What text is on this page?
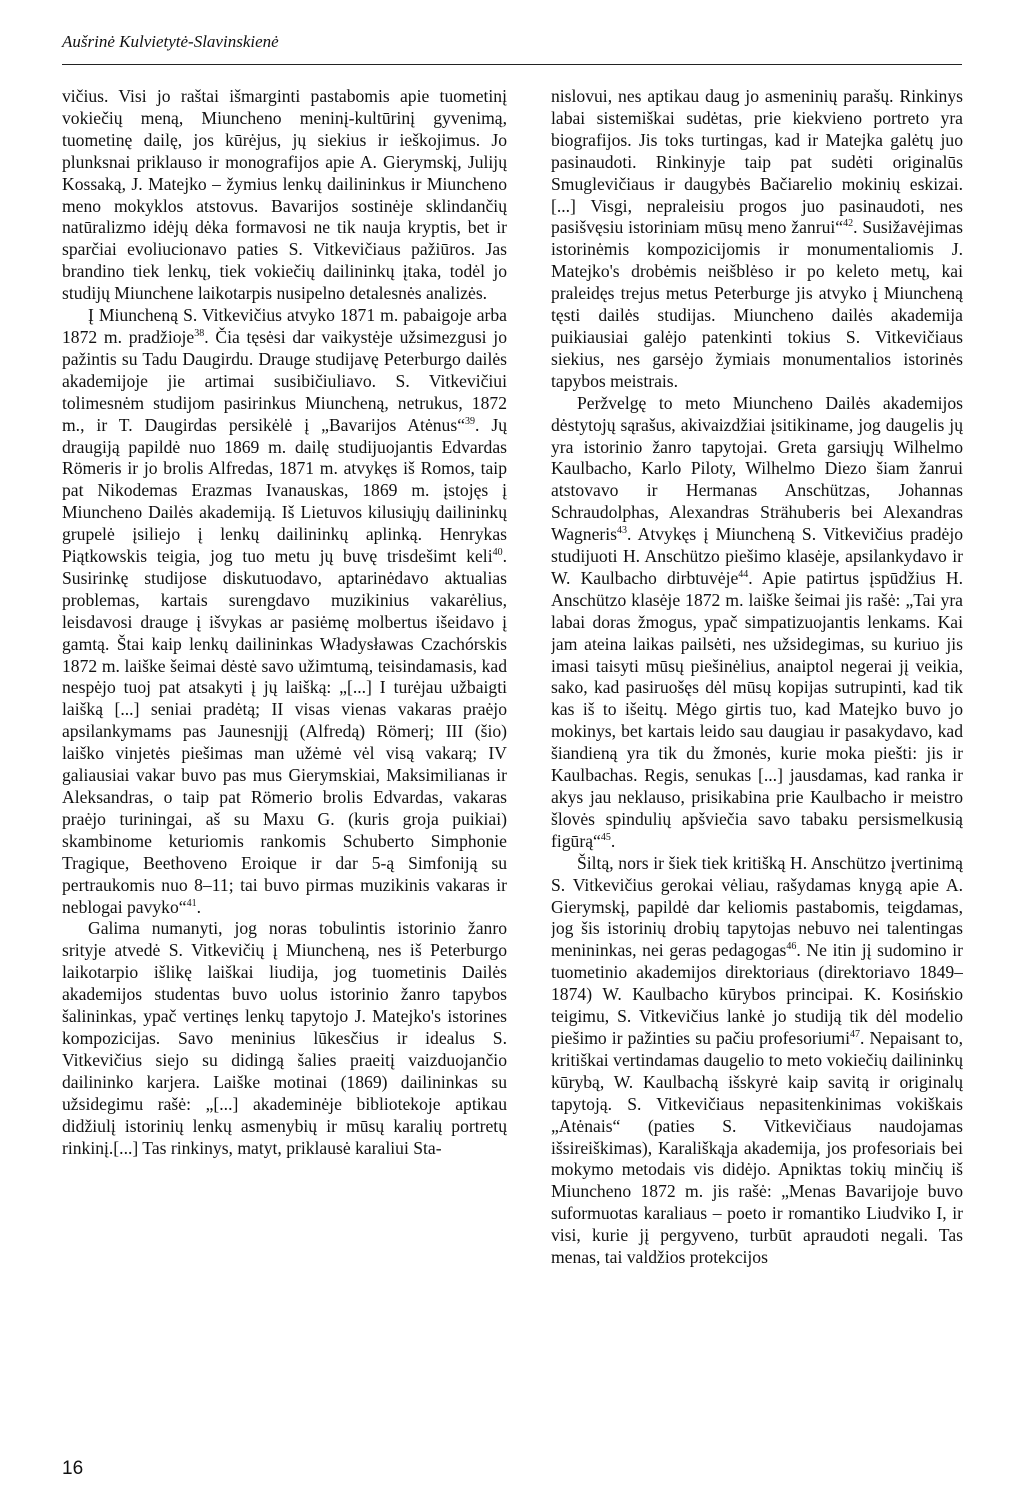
Aušrinė Kulvietytė-Slavinskienė

vičius. Visi jo raštai išmarginti pastabomis apie tuometinį vokiečių meną, Miuncheno meninį-kultūrinį gyvenimą, tuometinę dailę, jos kūrėjus, jų siekius ir ieškojimus. Jo plunksnai priklauso ir monografijos apie A. Gierymskį, Julijų Kossaką, J. Matejko – žymius lenkų dailininkus ir Miuncheno meno mokyklos atstovus. Bavarijos sostinėje sklindančių natūralizmo idėjų dėka formavosi ne tik nauja kryptis, bet ir sparčiai evoliucionavo paties S. Vitkevičiaus pažiūros. Jas brandino tiek lenkų, tiek vokiečių dailininkų įtaka, todėl jo studijų Miunchene laikotarpis nusipelno detalesnės analizės.

Į Miuncheną S. Vitkevičius atvyko 1871 m. pabaigoje arba 1872 m. pradžioje$^{38}$. Čia tęsėsi dar vaikystėje užsimezgusi jo pažintis su Tadu Daugirdu. Drauge studijavę Peterburgo dailės akademijoje jie artimai susibičiuliavo. S. Vitkevičiui tolimesnėm studijom pasirinkus Miuncheną, netrukus, 1872 m., ir T. Daugirdas persikėlė į „Bavarijos Atėnus“$^{39}$. Jų draugiją papildė nuo 1869 m. dailę studijuojantis Edvardas Römeris ir jo brolis Alfredas, 1871 m. atvykęs iš Romos, taip pat Nikodemas Erazmas Ivanauskas, 1869 m. įstojęs į Miuncheno Dailės akademiją. Iš Lietuvos kilusiųjų dailininkų grupelė įsiliejo į lenkų dailininkų aplinką. Henrykas Piątkowskis teigia, jog tuo metu jų buvę trisdešimt keli$^{40}$. Susirinkę studijose diskutuodavo, aptarinėdavo aktualias problemas, kartais surengdavo muzikinius vakarėlius, leisdavosi drauge į išvykas ar pasiėmę molbertus išeidavo į gamtą. Štai kaip lenkų dailininkas Władysławas Czachórskis 1872 m. laiške šeimai dėstė savo užimtumą, teisindamasis, kad nespėjo tuoj pat atsakyti į jų laišką: „[...] I turėjau užbaigti laišką [...] seniai pradėtą; II visas vienas vakaras praėjo apsilankymams pas Jaunesnįjį (Alfredą) Römerį; III (šio) laiško vinjetės piešimas man užėmė vėl visą vakarą; IV galiausiai vakar buvo pas mus Gierymskiai, Maksimilianas ir Aleksandras, o taip pat Römerio brolis Edvardas, vakaras praėjo turiningai, aš su Maxu G. (kuris groja puikiai) skambinome keturiomis rankomis Schuberto Simphonie Tragique, Beethoveno Eroique ir dar 5-ą Simfoniją su pertraukomis nuo 8–11; tai buvo pirmas muzikinis vakaras ir neblogai pavyko“$^{41}$.

Galima numanyti, jog noras tobulintis istorinio žanro srityje atvedė S. Vitkevičių į Miuncheną, nes iš Peterburgo laikotarpio išlikę laiškai liudija, jog tuometinis Dailės akademijos studentas buvo uolus istorinio žanro tapybos šalininkas, ypač vertinęs lenkų tapytojo J. Matejko's istorines kompozicijas. Savo meninius lūkesčius ir idealus S. Vitkevičius siejo su didingą šalies praeitį vaizduojančio dailininko karjera. Laiške motinai (1869) dailininkas su užsidegimu rašė: „[...] akademinėje bibliotekoje aptikau didžiulį istorinių lenkų asmenybių ir mūsų karalių portretų rinkinį.[...] Tas rinkinys, matyt, priklausė karaliui Sta-

nislovui, nes aptikau daug jo asmeninių parašų. Rinkinys labai sistemiškai sudėtas, prie kiekvieno portreto yra biografijos. Jis toks turtingas, kad ir Matejka galėtų juo pasinaudoti. Rinkinyje taip pat sudėti originalūs Smuglevičiaus ir daugybės Bačiarelio mokinių eskizai. [...] Visgi, nepraleisiu progos juo pasinaudoti, nes pasišvęsiu istoriniam mūsų meno žanrui“$^{42}$. Susižavėjimas istorinėmis kompozicijomis ir monumentaliomis J. Matejko's drobėmis neišblėso ir po keleto metų, kai praleidęs trejus metus Peterburge jis atvyko į Miuncheną tęsti dailės studijas. Miuncheno dailės akademija puikiausiai galėjo patenkinti tokius S. Vitkevičiaus siekius, nes garsėjo žymiais monumentalios istorinės tapybos meistrais.

Peržvelgę to meto Miuncheno Dailės akademijos dėstytojų sąrašus, akivaizdžiai įsitikiname, jog daugelis jų yra istorinio žanro tapytojai. Greta garsiųjų Wilhelmo Kaulbacho, Karlo Piloty, Wilhelmo Diezo šiam žanrui atstovavo ir Hermanas Anschützas, Johannas Schraudolphas, Alexandras Strähuberis bei Alexandras Wagneris$^{43}$. Atvykęs į Miuncheną S. Vitkevičius pradėjo studijuoti H. Anschützo piešimo klasėje, apsilankydavo ir W. Kaulbacho dirbtuvėje$^{44}$. Apie patirtus įspūdžius H. Anschützo klasėje 1872 m. laiške šeimai jis rašė: „Tai yra labai doras žmogus, ypač simpatizuojantis lenkams. Kai jam ateina laikas pailsėti, nes užsidegimas, su kuriuo jis imasi taisyti mūsų piešinėlius, anaiptol negerai jį veikia, sako, kad pasiruošęs dėl mūsų kopijas sutrupinti, kad tik kas iš to išeitų. Mėgo girtis tuo, kad Matejko buvo jo mokinys, bet kartais leido sau daugiau ir pasakydavo, kad šiandieną yra tik du žmonės, kurie moka piešti: jis ir Kaulbachas. Regis, senukas [...] jausdamas, kad ranka ir akys jau neklauso, prisikabina prie Kaulbacho ir meistro šlovės spindulių apšviečia savo tabaku persismelkusią figūrą“$^{45}$.

Šiltą, nors ir šiek tiek kritišką H. Anschützo įvertinimą S. Vitkevičius gerokai vėliau, rašydamas knygą apie A. Gierymskį, papildė dar keliomis pastabomis, teigdamas, jog šis istorinių drobių tapytojas nebuvo nei talentingas menininkas, nei geras pedagogas$^{46}$. Ne itin jį sudomino ir tuometinio akademijos direktoriaus (direktoriavo 1849–1874) W. Kaulbacho kūrybos principai. K. Kosińskio teigimu, S. Vitkevičius lankė jo studiją tik dėl modelio piešimo ir pažinties su pačiu profesoriumi$^{47}$. Nepaisant to, kritiškai vertindamas daugelio to meto vokiečių dailininkų kūrybą, W. Kaulbachą išskyrė kaip savitą ir originalų tapytoją. S. Vitkevičiaus nepasitenkinimas vokiškais „Atėnais“ (paties S. Vitkevičiaus naudojamas išsireiškimas), Karališkąja akademija, jos profesoriais bei mokymo metodais vis didėjo. Apniktas tokių minčių iš Miuncheno 1872 m. jis rašė: „Menas Bavarijoje buvo suformuotas karaliaus – poeto ir romantiko Liudviko I, ir visi, kurie jį pergyveno, turbūt apraudoti negali. Tas menas, tai valdžios protekcijos

16
